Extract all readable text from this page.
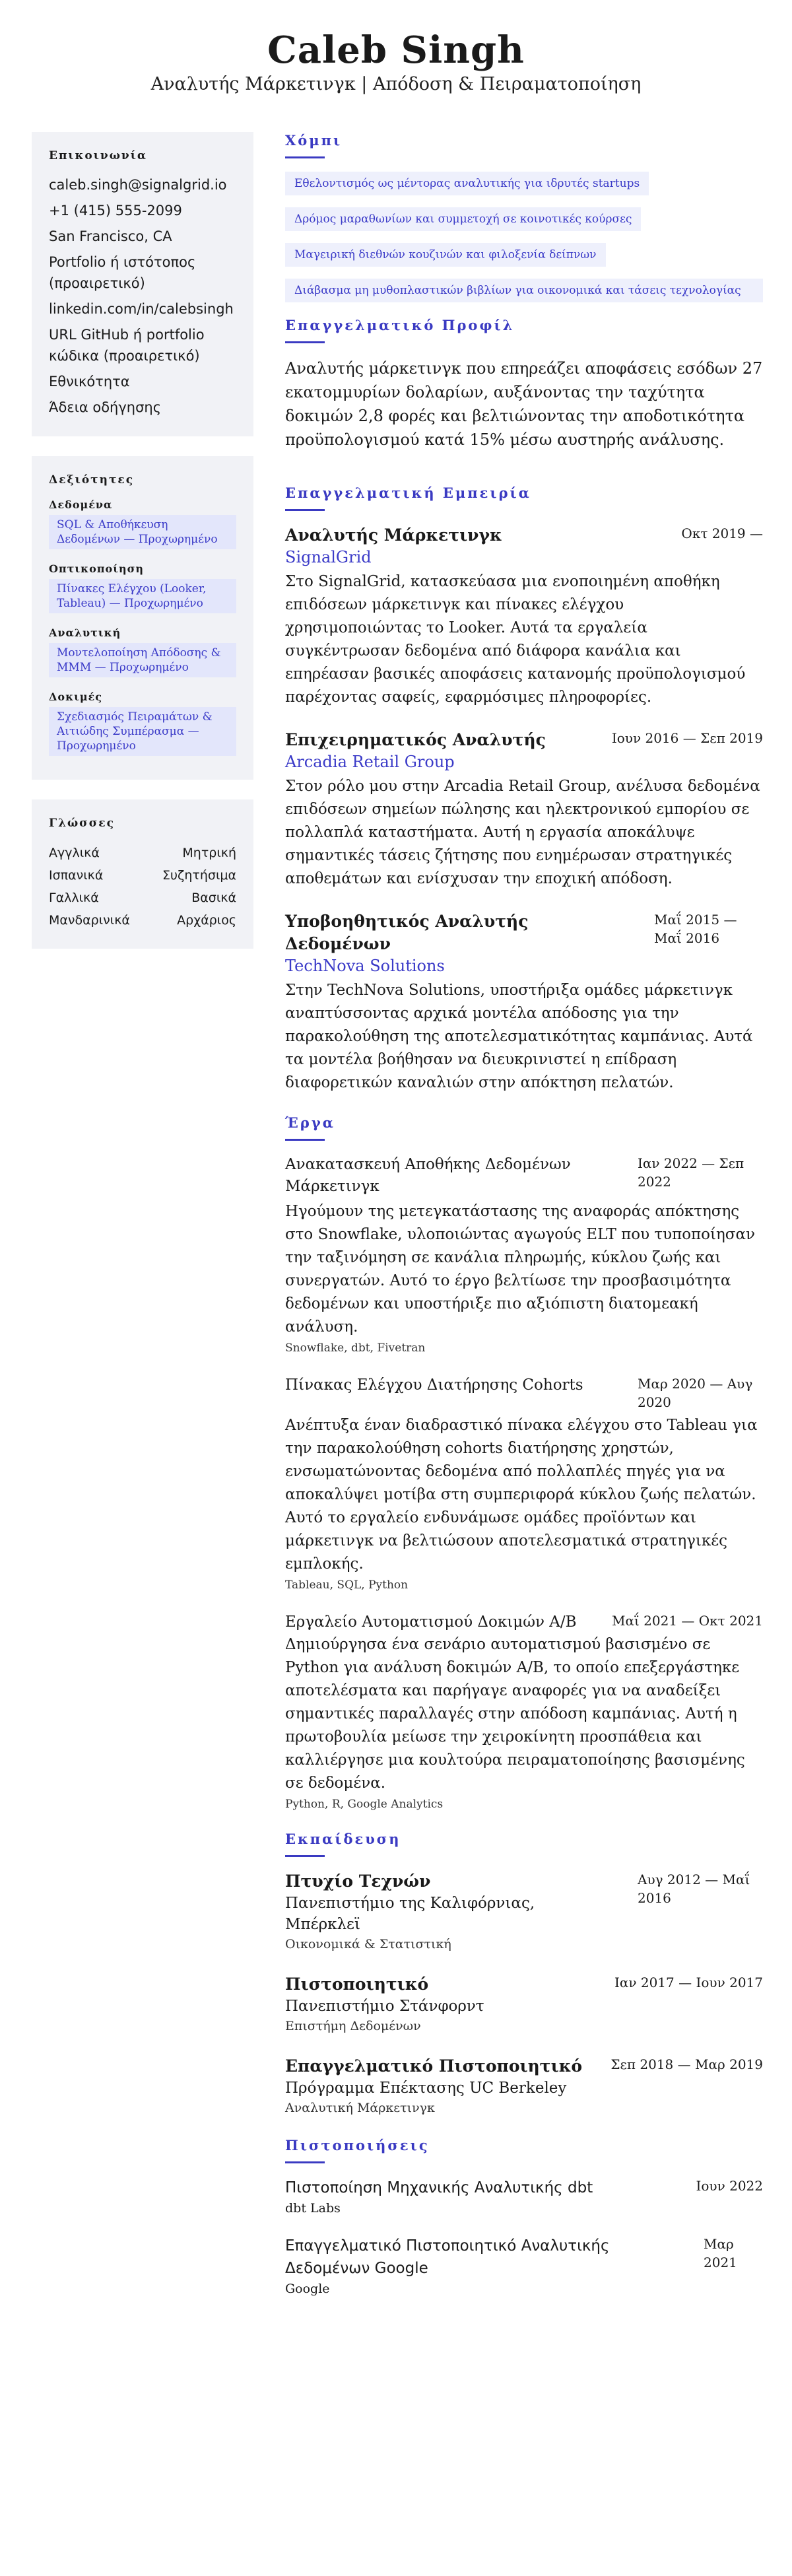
Caleb Singh
Αναλυτής Μάρκετινγκ | Απόδοση & Πειραματοποίηση
Επικοινωνία
caleb.singh@signalgrid.io
+1 (415) 555-2099
San Francisco, CA
Portfolio ή ιστότοπος (προαιρετικό)
linkedin.com/in/calebsingh
URL GitHub ή portfolio κώδικα (προαιρετικό)
Εθνικότητα
Άδεια οδήγησης
Δεξιότητες
Δεδομένα
SQL & Αποθήκευση Δεδομένων — Προχωρημένο
Οπτικοποίηση
Πίνακες Ελέγχου (Looker, Tableau) — Προχωρημένο
Αναλυτική
Μοντελοποίηση Απόδοσης & MMM — Προχωρημένο
Δοκιμές
Σχεδιασμός Πειραμάτων & Αιτιώδης Συμπέρασμα — Προχωρημένο
Γλώσσες
Αγγλικά	Μητρική
Ισπανικά	Συζητήσιμα
Γαλλικά	Βασικά
Μανδαρινικά	Αρχάριος
Χόμπι
Εθελοντισμός ως μέντορας αναλυτικής για ιδρυτές startups
Δρόμος μαραθωνίων και συμμετοχή σε κοινοτικές κούρσες
Μαγειρική διεθνών κουζινών και φιλοξενία δείπνων
Διάβασμα μη μυθοπλαστικών βιβλίων για οικονομικά και τάσεις τεχνολογίας
Επαγγελματικό Προφίλ
Αναλυτής μάρκετινγκ που επηρεάζει αποφάσεις εσόδων 27 εκατομμυρίων δολαρίων, αυξάνοντας την ταχύτητα δοκιμών 2,8 φορές και βελτιώνοντας την αποδοτικότητα προϋπολογισμού κατά 15% μέσω αυστηρής ανάλυσης.
Επαγγελματική Εμπειρία
Αναλυτής Μάρκετινγκ	Οκτ 2019 —
SignalGrid
Στο SignalGrid, κατασκεύασα μια ενοποιημένη αποθήκη επιδόσεων μάρκετινγκ και πίνακες ελέγχου χρησιμοποιώντας το Looker. Αυτά τα εργαλεία συγκέντρωσαν δεδομένα από διάφορα κανάλια και επηρέασαν βασικές αποφάσεις κατανομής προϋπολογισμού παρέχοντας σαφείς, εφαρμόσιμες πληροφορίες.
Επιχειρηματικός Αναλυτής	Ιουν 2016 — Σεπ 2019
Arcadia Retail Group
Στον ρόλο μου στην Arcadia Retail Group, ανέλυσα δεδομένα επιδόσεων σημείων πώλησης και ηλεκτρονικού εμπορίου σε πολλαπλά καταστήματα. Αυτή η εργασία αποκάλυψε σημαντικές τάσεις ζήτησης που ενημέρωσαν στρατηγικές αποθεμάτων και ενίσχυσαν την εποχική απόδοση.
Υποβοηθητικός Αναλυτής Δεδομένων
Μαΐ 2015 — Μαΐ 2016
TechNova Solutions
Στην TechNova Solutions, υποστήριξα ομάδες μάρκετινγκ αναπτύσσοντας αρχικά μοντέλα απόδοσης για την παρακολούθηση της αποτελεσματικότητας καμπάνιας. Αυτά τα μοντέλα βοήθησαν να διευκρινιστεί η επίδραση διαφορετικών καναλιών στην απόκτηση πελατών.
Έργα
Ανακατασκευή Αποθήκης Δεδομένων Μάρκετινγκ
Ιαν 2022 — Σεπ 2022
Ηγούμουν της μετεγκατάστασης της αναφοράς απόκτησης στο Snowflake, υλοποιώντας αγωγούς ELT που τυποποίησαν την ταξινόμηση σε κανάλια πληρωμής, κύκλου ζωής και συνεργατών. Αυτό το έργο βελτίωσε την προσβασιμότητα δεδομένων και υποστήριξε πιο αξιόπιστη διατομεακή ανάλυση.
Snowflake, dbt, Fivetran
Πίνακας Ελέγχου Διατήρησης Cohorts	Μαρ 2020 — Αυγ 2020
Ανέπτυξα έναν διαδραστικό πίνακα ελέγχου στο Tableau για την παρακολούθηση cohorts διατήρησης χρηστών, ενσωματώνοντας δεδομένα από πολλαπλές πηγές για να αποκαλύψει μοτίβα στη συμπεριφορά κύκλου ζωής πελατών. Αυτό το εργαλείο ενδυνάμωσε ομάδες προϊόντων και μάρκετινγκ να βελτιώσουν αποτελεσματικά στρατηγικές εμπλοκής.
Tableau, SQL, Python
Εργαλείο Αυτοματισμού Δοκιμών A/B	Μαΐ 2021 — Οκτ 2021
Δημιούργησα ένα σενάριο αυτοματισμού βασισμένο σε Python για ανάλυση δοκιμών A/B, το οποίο επεξεργάστηκε αποτελέσματα και παρήγαγε αναφορές για να αναδείξει σημαντικές παραλλαγές στην απόδοση καμπάνιας. Αυτή η πρωτοβουλία μείωσε την χειροκίνητη προσπάθεια και καλλιέργησε μια κουλτούρα πειραματοποίησης βασισμένης σε δεδομένα.
Python, R, Google Analytics
Εκπαίδευση
Πτυχίο Τεχνών
Πανεπιστήμιο της Καλιφόρνιας, Μπέρκλεϊ
Αυγ 2012 — Μαΐ 2016
Οικονομικά & Στατιστική
Πιστοποιητικό
Πανεπιστήμιο Στάνφορντ
Ιαν 2017 — Ιουν 2017
Επιστήμη Δεδομένων
Επαγγελματικό Πιστοποιητικό
Πρόγραμμα Επέκτασης UC Berkeley
Σεπ 2018 — Μαρ 2019
Αναλυτική Μάρκετινγκ
Πιστοποιήσεις
Πιστοποίηση Μηχανικής Αναλυτικής dbt	Ιουν 2022
dbt Labs
Επαγγελματικό Πιστοποιητικό Αναλυτικής Δεδομένων Google
Μαρ 2021
Google
